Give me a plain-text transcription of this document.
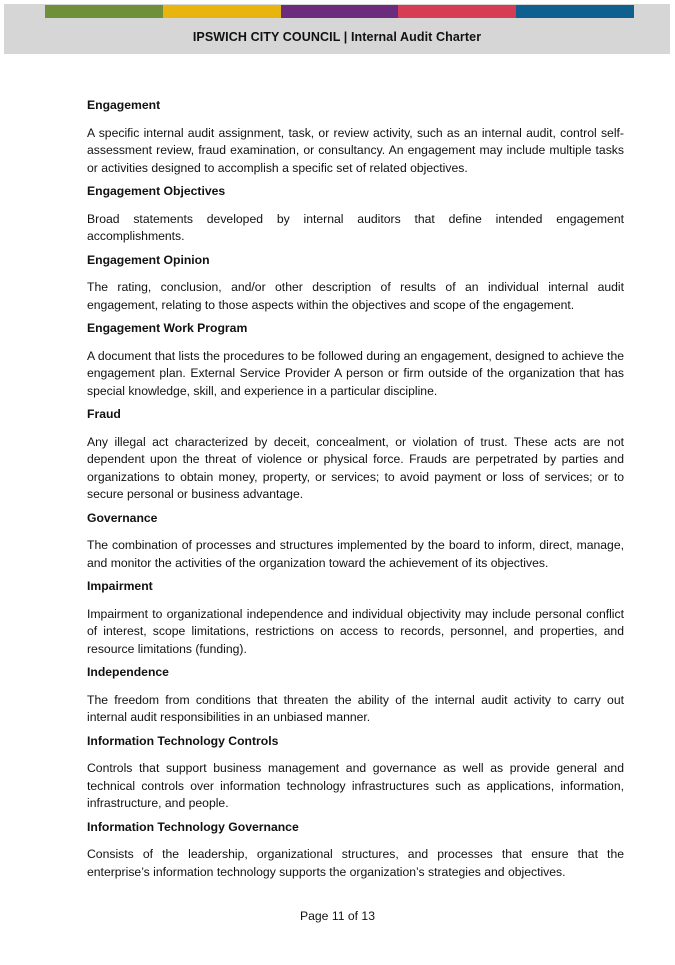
IPSWICH CITY COUNCIL | Internal Audit Charter
Engagement
A specific internal audit assignment, task, or review activity, such as an internal audit, control self-assessment review, fraud examination, or consultancy. An engagement may include multiple tasks or activities designed to accomplish a specific set of related objectives.
Engagement Objectives
Broad statements developed by internal auditors that define intended engagement accomplishments.
Engagement Opinion
The rating, conclusion, and/or other description of results of an individual internal audit engagement, relating to those aspects within the objectives and scope of the engagement.
Engagement Work Program
A document that lists the procedures to be followed during an engagement, designed to achieve the engagement plan. External Service Provider A person or firm outside of the organization that has special knowledge, skill, and experience in a particular discipline.
Fraud
Any illegal act characterized by deceit, concealment, or violation of trust. These acts are not dependent upon the threat of violence or physical force. Frauds are perpetrated by parties and organizations to obtain money, property, or services; to avoid payment or loss of services; or to secure personal or business advantage.
Governance
The combination of processes and structures implemented by the board to inform, direct, manage, and monitor the activities of the organization toward the achievement of its objectives.
Impairment
Impairment to organizational independence and individual objectivity may include personal conflict of interest, scope limitations, restrictions on access to records, personnel, and properties, and resource limitations (funding).
Independence
The freedom from conditions that threaten the ability of the internal audit activity to carry out internal audit responsibilities in an unbiased manner.
Information Technology Controls
Controls that support business management and governance as well as provide general and technical controls over information technology infrastructures such as applications, information, infrastructure, and people.
Information Technology Governance
Consists of the leadership, organizational structures, and processes that ensure that the enterprise’s information technology supports the organization’s strategies and objectives.
Page 11 of 13
